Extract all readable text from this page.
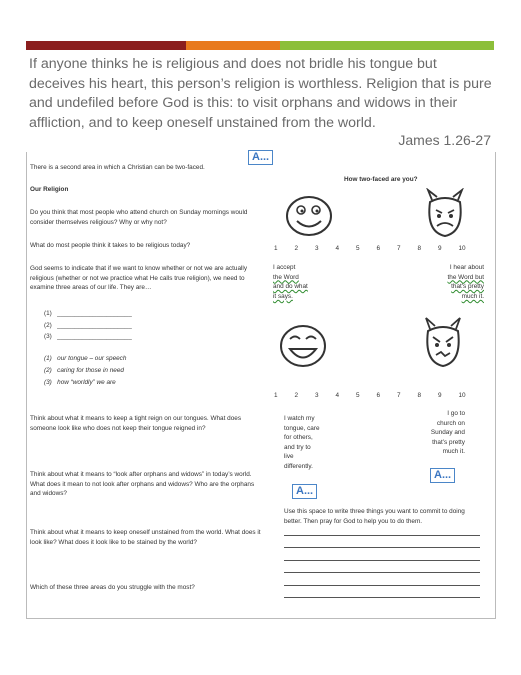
If anyone thinks he is religious and does not bridle his tongue but deceives his heart, this person’s religion is worthless. Religion that is pure and undefiled before God is this: to visit orphans and widows in their affliction, and to keep oneself unstained from the world.

James 1.26-27
A...
There is a second area in which a Christian can be two-faced.
Our Religion
Do you think that most people who attend church on Sunday mornings would consider themselves religious? Why or why not?
What do most people think it takes to be religious today?
God seems to indicate that if we want to know whether or not we are actually religious (whether or not we practice what He calls true religion), we need to examine three areas of our life. They are…
(1) _____________________
(2) _____________________
(3) _____________________
(1) our tongue – our speech
(2) caring for those in need
(3) how “worldly” we are
Think about what it means to keep a tight reign on our tongues. What does someone look like who does not keep their tongue reigned in?
Think about what it means to “look after orphans and widows” in today’s world. What does it mean to not look after orphans and widows? Who are the orphans and widows?
Think about what it means to keep oneself unstained from the world. What does it look like? What does it look like to be stained by the world?
Which of these three areas do you struggle with the most?
How two-faced are you?
1	2	3	4	5	6	7	8	9	10
I accept
the Word
and do what
it says.
I hear about
the Word but
that's pretty
much it.
1	2	3	4	5	6	7	8	9	10
I watch my
tongue, care
for others,
and try to
live
differently.
I go to
church on
Sunday and
that’s pretty
much it.
A...
A...
Use this space to write three things you want to commit to doing better. Then pray for God to help you to do them.
